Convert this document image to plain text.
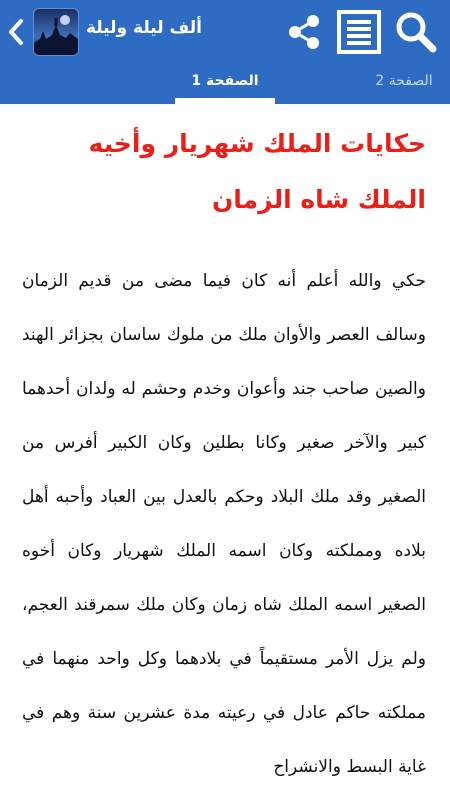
ألف ليلة وليلة
الصفحة 1	الصفحة 2
حكايات الملك شهريار وأخيه الملك شاه الزمان

حكي والله أعلم أنه كان فيما مضى من قديم الزمان وسالف العصر والأوان ملك من ملوك ساسان بجزائر الهند والصين صاحب جند وأعوان وخدم وحشم له ولدان أحدهما كبير والآخر صغير وكانا بطلين وكان الكبير أفرس من الصغير وقد ملك البلاد وحكم بالعدل بين العباد وأحبه أهل بلاده ومملكته وكان اسمه الملك شهريار وكان أخوه الصغير اسمه الملك شاه زمان وكان ملك سمرقند العجم، ولم يزل الأمر مستقيماً في بلادهما وكل واحد منهما في مملكته حاكم عادل في رعيته مدة عشرين سنة وهم في غاية البسط والانشراح
